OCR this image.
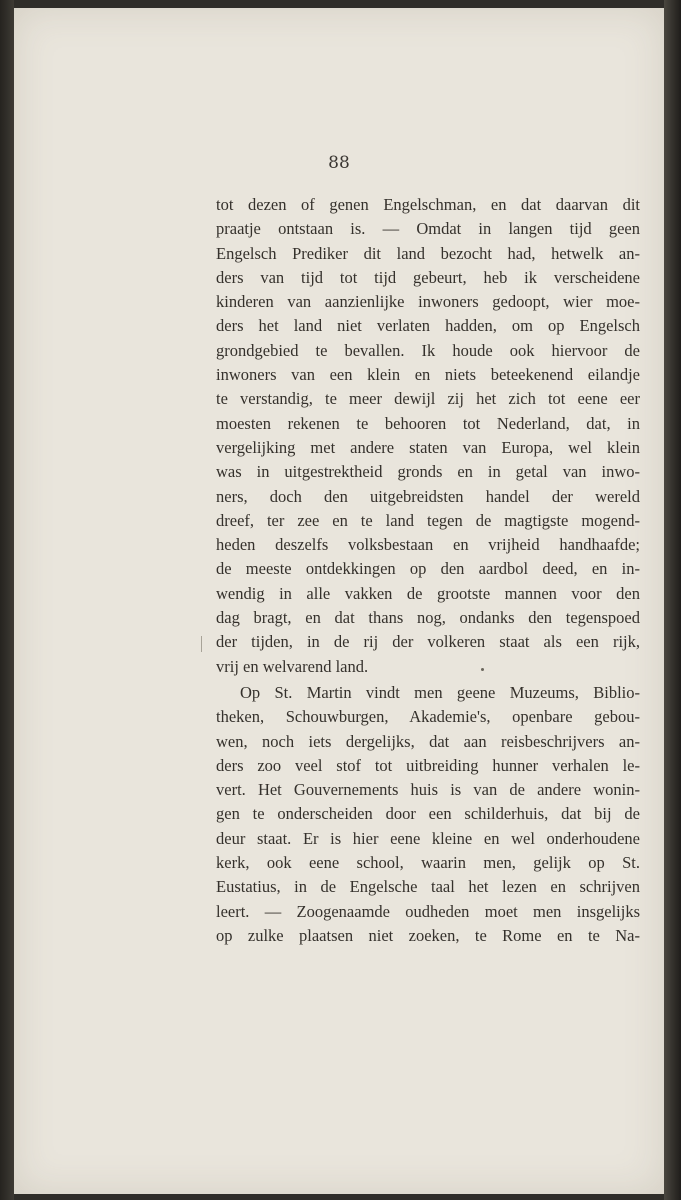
88
tot dezen of genen Engelschman, en dat daarvan dit
praatje ontstaan is. — Omdat in langen tijd geen
Engelsch Prediker dit land bezocht had, hetwelk an-
ders van tijd tot tijd gebeurt, heb ik verscheidene
kinderen van aanzienlijke inwoners gedoopt, wier moe-
ders het land niet verlaten hadden, om op Engelsch
grondgebied te bevallen. Ik houde ook hiervoor de
inwoners van een klein en niets beteekenend eilandje
te verstandig, te meer dewijl zij het zich tot eene eer
moesten rekenen te behooren tot Nederland, dat, in
vergelijking met andere staten van Europa, wel klein
was in uitgestrektheid gronds en in getal van inwo-
ners, doch den uitgebreidsten handel der wereld
dreef, ter zee en te land tegen de magtigste mogend-
heden deszelfs volksbestaan en vrijheid handhaafde;
de meeste ontdekkingen op den aardbol deed, en in-
wendig in alle vakken de grootste mannen voor den
dag bragt, en dat thans nog, ondanks den tegenspoed
der tijden, in de rij der volkeren staat als een rijk,
vrij en welvarend land.
Op St. Martin vindt men geene Muzeums, Biblio-
theken, Schouwburgen, Akademie's, openbare gebou-
wen, noch iets dergelijks, dat aan reisbeschrijvers an-
ders zoo veel stof tot uitbreiding hunner verhalen le-
vert. Het Gouvernements huis is van de andere wonin-
gen te onderscheiden door een schilderhuis, dat bij de
deur staat. Er is hier eene kleine en wel onderhoudene
kerk, ook eene school, waarin men, gelijk op St.
Eustatius, in de Engelsche taal het lezen en schrijven
leert. — Zoogenaamde oudheden moet men insgelijks
op zulke plaatsen niet zoeken, te Rome en te Na-
